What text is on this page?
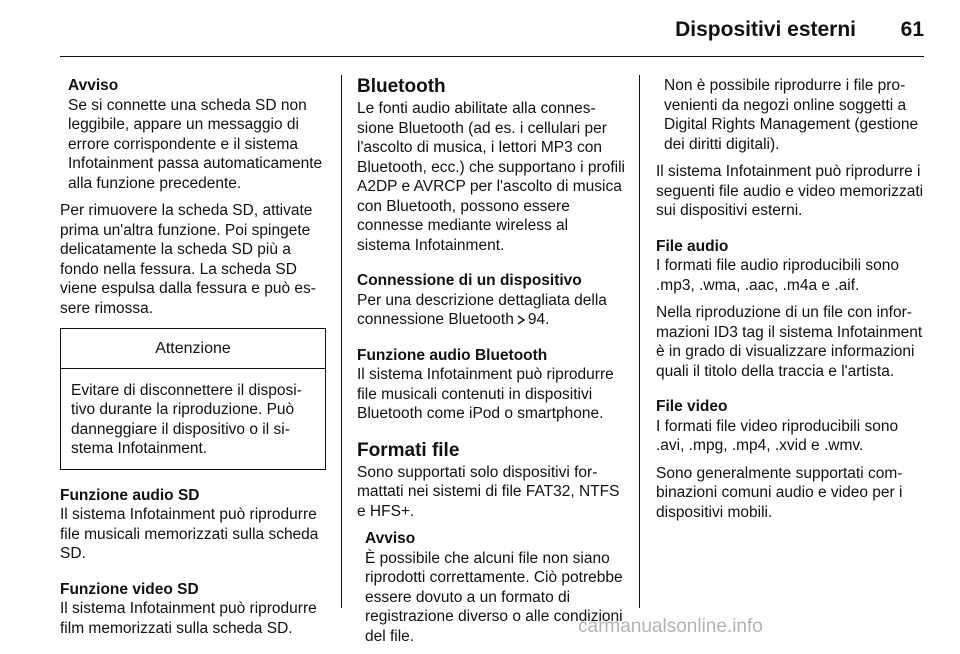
Dispositivi esterni 61
Avviso
Se si connette una scheda SD non leggibile, appare un messaggio di errore corrispondente e il sistema Infotainment passa automaticamente alla funzione precedente.

Per rimuovere la scheda SD, attivate prima un'altra funzione. Poi spingete delicatamente la scheda SD più a fondo nella fessura. La scheda SD viene espulsa dalla fessura e può essere rimossa.

Attenzione
Evitare di disconnettere il dispositivo durante la riproduzione. Può danneggiare il dispositivo o il sistema Infotainment.
Funzione audio SD

Il sistema Infotainment può riprodurre file musicali memorizzati sulla scheda SD.

Funzione video SD

Il sistema Infotainment può riprodurre film memorizzati sulla scheda SD.

Bluetooth

Le fonti audio abilitate alla connessione Bluetooth (ad es. i cellulari per l'ascolto di musica, i lettori MP3 con Bluetooth, ecc.) che supportano i profili A2DP e AVRCP per l'ascolto di musica con Bluetooth, possono essere connesse mediante wireless al sistema Infotainment.

Connessione di un dispositivo

Per una descrizione dettagliata della connessione Bluetooth 94.

Funzione audio Bluetooth

Il sistema Infotainment può riprodurre file musicali contenuti in dispositivi Bluetooth come iPod o smartphone.

Formati file

Sono supportati solo dispositivi formattati nei sistemi di file FAT32, NTFS e HFS+.

Avviso
È possibile che alcuni file non siano riprodotti correttamente. Ciò potrebbe essere dovuto a un formato di registrazione diverso o alle condizioni del file.
Non è possibile riprodurre i file provenienti da negozi online soggetti a Digital Rights Management (gestione dei diritti digitali).

Il sistema Infotainment può riprodurre i seguenti file audio e video memorizzati sui dispositivi esterni.

File audio

I formati file audio riproducibili sono .mp3, .wma, .aac, .m4a e .aif.

Nella riproduzione di un file con informazioni ID3 tag il sistema Infotainment è in grado di visualizzare informazioni quali il titolo della traccia e l'artista.

File video

I formati file video riproducibili sono .avi, .mpg, .mp4, .xvid e .wmv.

Sono generalmente supportati combinazioni comuni audio e video per i dispositivi mobili.

carmanualsonline.info
